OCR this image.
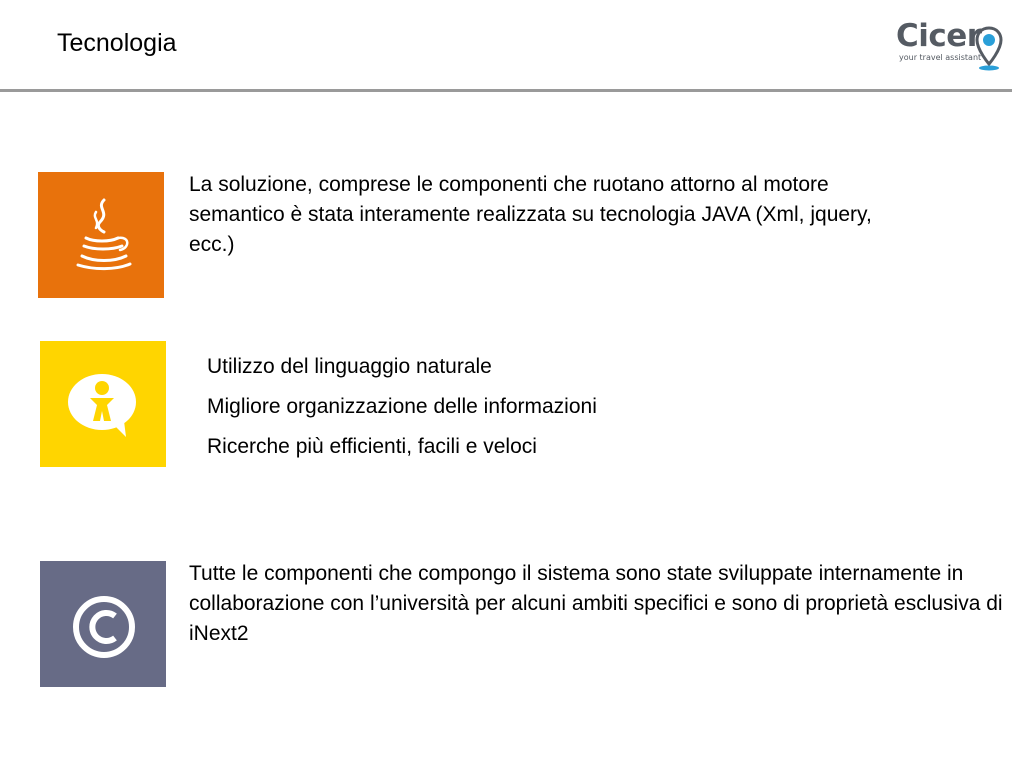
Tecnologia	Cicer
your travel assistant

La soluzione, comprese le componenti che ruotano attorno al motore semantico è stata interamente realizzata su tecnologia JAVA (Xml, jquery, ecc.)

Utilizzo del linguaggio naturale
Migliore organizzazione delle informazioni
Ricerche più efficienti, facili e veloci

Tutte le componenti che compongo il sistema sono state sviluppate internamente in collaborazione con l’università per alcuni ambiti specifici e sono di proprietà esclusiva di iNext2
